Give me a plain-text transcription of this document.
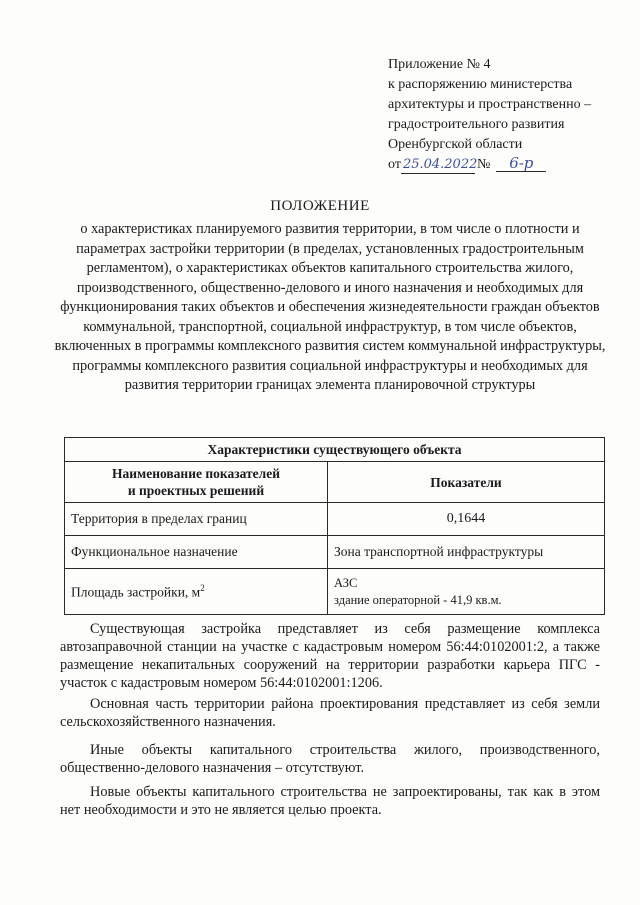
Приложение № 4
к распоряжению министерства
архитектуры и пространственно –
градостроительного развития
Оренбургской области
от 25.04.2022 №	6-р
ПОЛОЖЕНИЕ
о характеристиках планируемого развития территории, в том числе о плотности и параметрах застройки территории (в пределах, установленных градостроительным регламентом), о характеристиках объектов капитального строительства жилого, производственного, общественно-делового и иного назначения и необходимых для функционирования таких объектов и обеспечения жизнедеятельности граждан объектов коммунальной, транспортной, социальной инфраструктур, в том числе объектов, включенных в программы комплексного развития систем коммунальной инфраструктуры, программы комплексного развития социальной инфраструктуры и необходимых для развития территории границах элемента планировочной структуры
Характеристики существующего объекта	

Наименование показателей
и проектных решений	Показатели
Территория в пределах границ	0,1644
Функциональное назначение	Зона транспортной инфраструктуры
Площадь застройки, $м^2$	АЗС
здание операторной - 41,9 кв.м.

Существующая застройка представляет из себя размещение комплекса автозаправочной станции на участке с кадастровым номером 56:44:0102001:2, а также размещение некапитальных сооружений на территории разработки карьера ПГС - участок с кадастровым номером 56:44:0102001:1206.

Основная часть территории района проектирования представляет из себя земли сельскохозяйственного назначения.

Иные объекты капитального строительства жилого, производственного, общественно-делового назначения – отсутствуют.

Новые объекты капитального строительства не запроектированы, так как в этом нет необходимости и это не является целью проекта.
